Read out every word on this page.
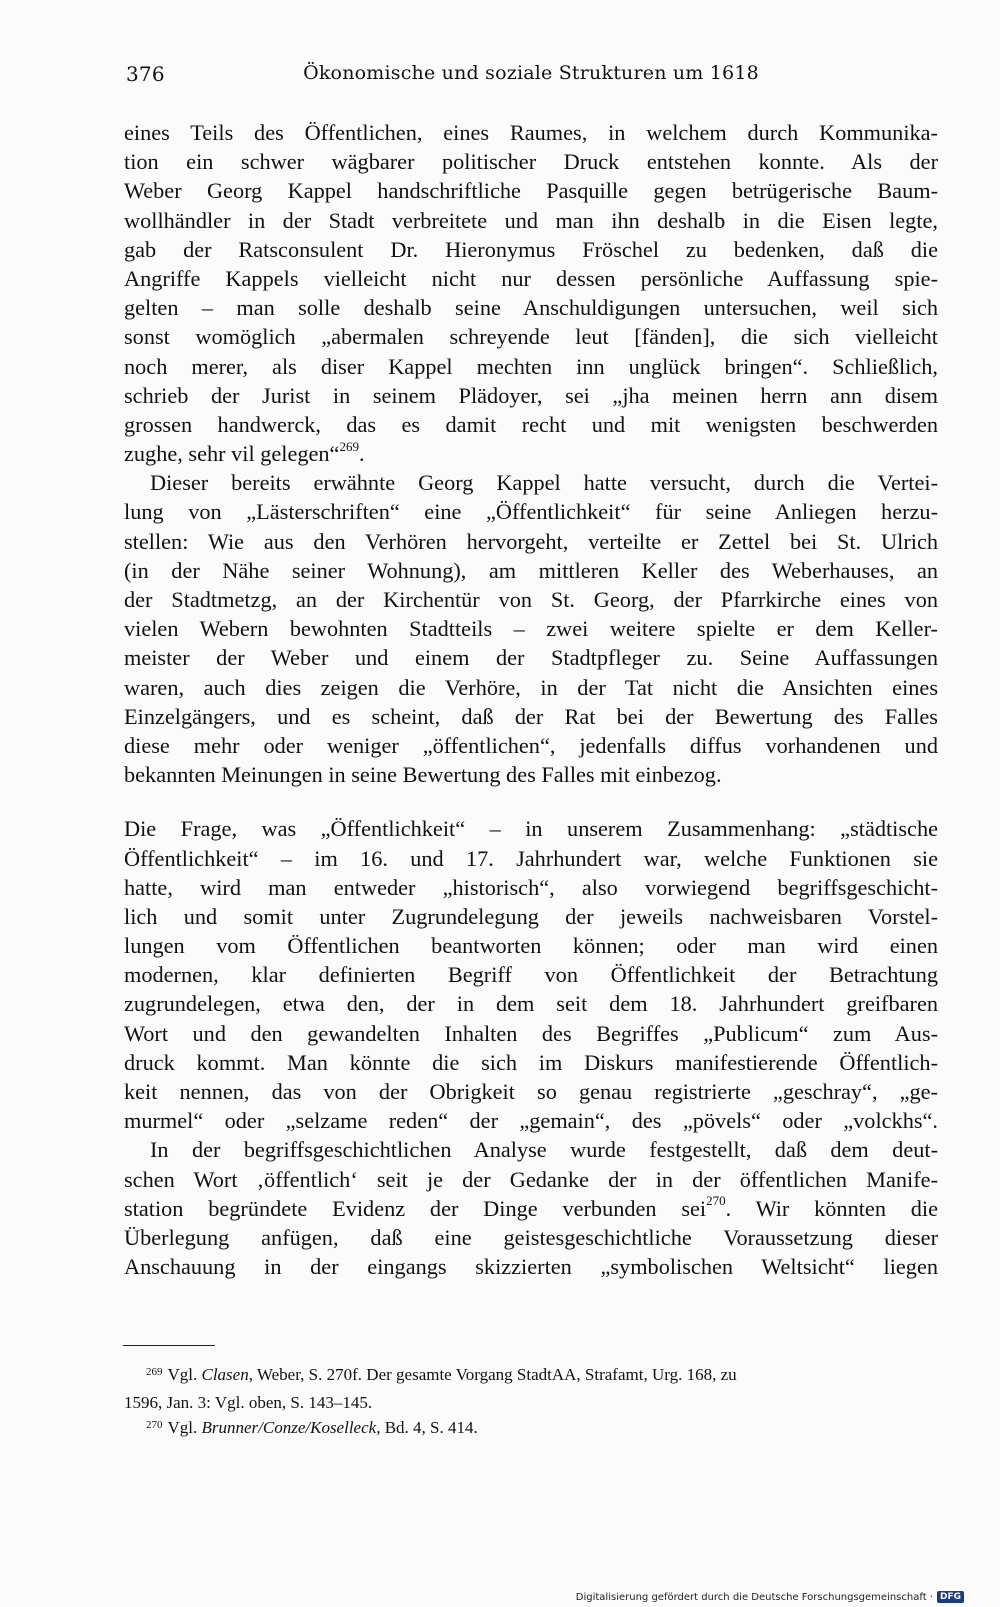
376	Ökonomische und soziale Strukturen um 1618
eines Teils des Öffentlichen, eines Raumes, in welchem durch Kommunika-
tion ein schwer wägbarer politischer Druck entstehen konnte. Als der
Weber Georg Kappel handschriftliche Pasquille gegen betrügerische Baum-
wollhändler in der Stadt verbreitete und man ihn deshalb in die Eisen legte,
gab der Ratsconsulent Dr. Hieronymus Fröschel zu bedenken, daß die
Angriffe Kappels vielleicht nicht nur dessen persönliche Auffassung spie-
gelten – man solle deshalb seine Anschuldigungen untersuchen, weil sich
sonst womöglich „abermalen schreyende leut [fänden], die sich vielleicht
noch merer, als diser Kappel mechten inn unglück bringen“. Schließlich,
schrieb der Jurist in seinem Plädoyer, sei „jha meinen herrn ann disem
grossen handwerck, das es damit recht und mit wenigsten beschwerden
zughe, sehr vil gelegen“$^{269}$.
Dieser bereits erwähnte Georg Kappel hatte versucht, durch die Vertei-
lung von „Lästerschriften“ eine „Öffentlichkeit“ für seine Anliegen herzu-
stellen: Wie aus den Verhören hervorgeht, verteilte er Zettel bei St. Ulrich
(in der Nähe seiner Wohnung), am mittleren Keller des Weberhauses, an
der Stadtmetzg, an der Kirchentür von St. Georg, der Pfarrkirche eines von
vielen Webern bewohnten Stadtteils – zwei weitere spielte er dem Keller-
meister der Weber und einem der Stadtpfleger zu. Seine Auffassungen
waren, auch dies zeigen die Verhöre, in der Tat nicht die Ansichten eines
Einzelgängers, und es scheint, daß der Rat bei der Bewertung des Falles
diese mehr oder weniger „öffentlichen“, jedenfalls diffus vorhandenen und
bekannten Meinungen in seine Bewertung des Falles mit einbezog.
Die Frage, was „Öffentlichkeit“ – in unserem Zusammenhang: „städtische
Öffentlichkeit“ – im 16. und 17. Jahrhundert war, welche Funktionen sie
hatte, wird man entweder „historisch“, also vorwiegend begriffsgeschicht-
lich und somit unter Zugrundelegung der jeweils nachweisbaren Vorstel-
lungen vom Öffentlichen beantworten können; oder man wird einen
modernen, klar definierten Begriff von Öffentlichkeit der Betrachtung
zugrundelegen, etwa den, der in dem seit dem 18. Jahrhundert greifbaren
Wort und den gewandelten Inhalten des Begriffes „Publicum“ zum Aus-
druck kommt. Man könnte die sich im Diskurs manifestierende Öffentlich-
keit nennen, das von der Obrigkeit so genau registrierte „geschray“, „ge-
murmel“ oder „selzame reden“ der „gemain“, des „pövels“ oder „volckhs“.
In der begriffsgeschichtlichen Analyse wurde festgestellt, daß dem deut-
schen Wort ‚öffentlich‘ seit je der Gedanke der in der öffentlichen Manife-
station begründete Evidenz der Dinge verbunden sei$^{270}$. Wir könnten die
Überlegung anfügen, daß eine geistesgeschichtliche Voraussetzung dieser
Anschauung in der eingangs skizzierten „symbolischen Weltsicht“ liegen
$^{269}$ Vgl. Clasen, Weber, S. 270f. Der gesamte Vorgang StadtAA, Strafamt, Urg. 168, zu
1596, Jan. 3: Vgl. oben, S. 143–145.
$^{270}$ Vgl. Brunner/Conze/Koselleck, Bd. 4, S. 414.
Digitalisierung gefördert durch die Deutsche Forschungsgemeinschaft · DFG
